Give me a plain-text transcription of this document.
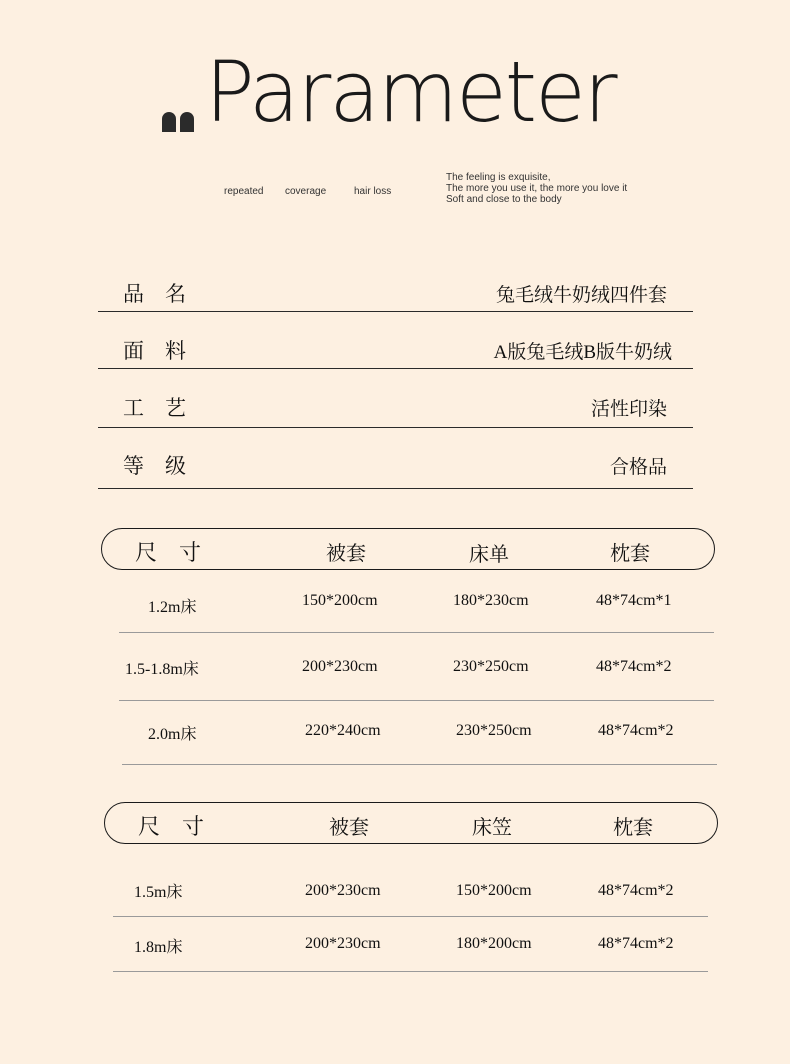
Parameter
repeated coverage	hair loss
The feeling is exquisite,
The more you use it, the more you love it
Soft and close to the body
品名	兔毛绒牛奶绒四件套
面料	A版兔毛绒B版牛奶绒
工艺	活性印染
等级	合格品
尺寸	被套	床单	枕套
1.2m床	150*200cm	180*230cm	48*74cm*1
1.5-1.8m床	200*230cm	230*250cm	48*74cm*2
2.0m床	220*240cm	230*250cm	48*74cm*2
尺寸	被套	床笠	枕套
1.5m床	200*230cm	150*200cm	48*74cm*2
1.8m床	200*230cm	180*200cm	48*74cm*2
